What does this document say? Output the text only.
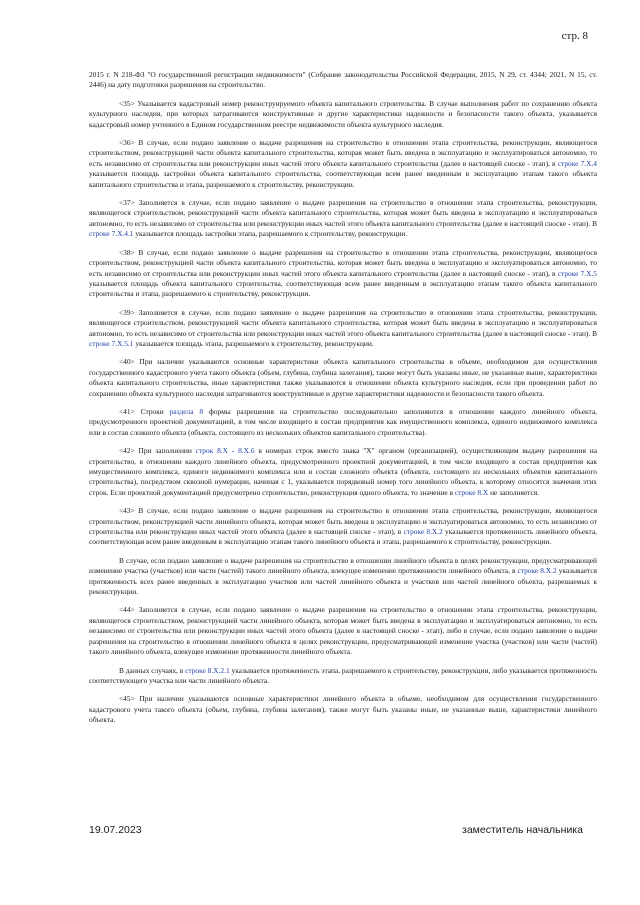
стр. 8

2015 г. N 218-ФЗ "О государственной регистрации недвижимости" (Собрание законодательства Российской Федерации, 2015, N 29, ст. 4344; 2021, N 15, ст. 2446) на дату подготовки разрешения на строительство.

<35> Указывается кадастровый номер реконструируемого объекта капитального строительства. В случае выполнения работ по сохранению объекта культурного наследия, при которых затрагиваются конструктивные и другие характеристики надежности и безопасности такого объекта, указывается кадастровый номер учтенного в Едином государственном реестре недвижимости объекта культурного наследия.

<36> В случае, если подано заявление о выдаче разрешения на строительство в отношении этапа строительства, реконструкции, являющегося строительством, реконструкцией части объекта капитального строительства, которая может быть введена в эксплуатацию и эксплуатироваться автономно, то есть независимо от строительства или реконструкции иных частей этого объекта капитального строительства (далее в настоящей сноске - этап), в строке 7.Х.4 указывается площадь застройки объекта капитального строительства, соответствующая всем ранее введенным в эксплуатацию этапам такого объекта капитального строительства и этапа, разрешаемого к строительству, реконструкции.

<37> Заполняется в случае, если подано заявление о выдаче разрешения на строительство в отношении этапа строительства, реконструкции, являющегося строительством, реконструкцией части объекта капитального строительства, которая может быть введена в эксплуатацию и эксплуатироваться автономно, то есть независимо от строительства или реконструкции иных частей этого объекта капитального строительства (далее в настоящей сноске - этап). В строке 7.Х.4.1 указывается площадь застройки этапа, разрешаемого к строительству, реконструкции.

<38> В случае, если подано заявление о выдаче разрешения на строительство в отношении этапа строительства, реконструкции, являющегося строительством, реконструкцией части объекта капитального строительства, которая может быть введена в эксплуатацию и эксплуатироваться автономно, то есть независимо от строительства или реконструкции иных частей этого объекта капитального строительства (далее в настоящей сноске - этап), в строке 7.Х.5 указывается площадь объекта капитального строительства, соответствующая всем ранее введенным в эксплуатацию этапам такого объекта капитального строительства и этапа, разрешаемого к строительству, реконструкции.

<39> Заполняется в случае, если подано заявление о выдаче разрешения на строительство в отношении этапа строительства, реконструкции, являющегося строительством, реконструкцией части объекта капитального строительства, которая может быть введена в эксплуатацию и эксплуатироваться автономно, то есть независимо от строительства или реконструкции иных частей этого объекта капитального строительства (далее в настоящей сноске - этап). В строке 7.Х.5.1 указывается площадь этапа, разрешаемого к строительству, реконструкции.

<40> При наличии указываются основные характеристики объекта капитального строительства в объеме, необходимом для осуществления государственного кадастрового учета такого объекта (объем, глубина, глубина залегания), также могут быть указаны иные, не указанные выше, характеристики объекта капитального строительства, иные характеристики также указываются в отношении объекта культурного наследия, если при проведении работ по сохранению объекта культурного наследия затрагиваются конструктивные и другие характеристики надежности и безопасности такого объекта.

<41> Строки раздела 8 формы разрешения на строительство последовательно заполняются в отношении каждого линейного объекта, предусмотренного проектной документацией, в том числе входящего в состав предприятия как имущественного комплекса, единого недвижимого комплекса или в состав сложного объекта (объекта, состоящего из нескольких объектов капитального строительства).

<42> При заполнении строк 8.Х - 8.Х.6 в номерах строк вместо знака "Х" органом (организацией), осуществляющим выдачу разрешения на строительство, в отношении каждого линейного объекта, предусмотренного проектной документацией, в том числе входящего в состав предприятия как имущественного комплекса, единого недвижимого комплекса или в состав сложного объекта (объекта, состоящего из нескольких объектов капитального строительства), посредством сквозной нумерации, начиная с 1, указывается порядковый номер того линейного объекта, к которому относятся значения этих строк. Если проектной документацией предусмотрено строительство, реконструкция одного объекта, то значение в строке 8.Х не заполняется.

<43> В случае, если подано заявление о выдаче разрешения на строительство в отношении этапа строительства, реконструкции, являющегося строительством, реконструкцией части линейного объекта, которая может быть введена в эксплуатацию и эксплуатироваться автономно, то есть независимо от строительства или реконструкции иных частей этого объекта (далее в настоящей сноске - этап), в строке 8.Х.2 указывается протяженность линейного объекта, соответствующая всем ранее введенным в эксплуатацию этапам такого линейного объекта и этапа, разрешаемого к строительству, реконструкции.

В случае, если подано заявление о выдаче разрешения на строительство в отношении линейного объекта в целях реконструкции, предусматривающей изменение участка (участков) или части (частей) такого линейного объекта, влекущее изменение протяженности линейного объекта, в строке 8.Х.2 указывается протяженность всех ранее введенных в эксплуатацию участков или частей линейного объекта и участков или частей линейного объекта, разрешаемых к реконструкции.

<44> Заполняется в случае, если подано заявление о выдаче разрешения на строительство в отношении этапа строительства, реконструкции, являющегося строительством, реконструкцией части линейного объекта, которая может быть введена в эксплуатацию и эксплуатироваться автономно, то есть независимо от строительства или реконструкции иных частей этого объекта (далее в настоящей сноске - этап), либо в случае, если подано заявление о выдаче разрешения на строительство в отношении линейного объекта в целях реконструкции, предусматривающей изменение участка (участков) или части (частей) такого линейного объекта, влекущее изменение протяженности линейного объекта.

В данных случаях, в строке 8.Х.2.1 указывается протяженность этапа, разрешаемого к строительству, реконструкции, либо указывается протяженность соответствующего участка или части линейного объекта.

<45> При наличии указываются основные характеристики линейного объекта в объеме, необходимом для осуществления государственного кадастрового учета такого объекта (объем, глубина, глубина залегания), также могут быть указаны иные, не указанные выше, характеристики линейного объекта.

19.07.2023	заместитель начальника
